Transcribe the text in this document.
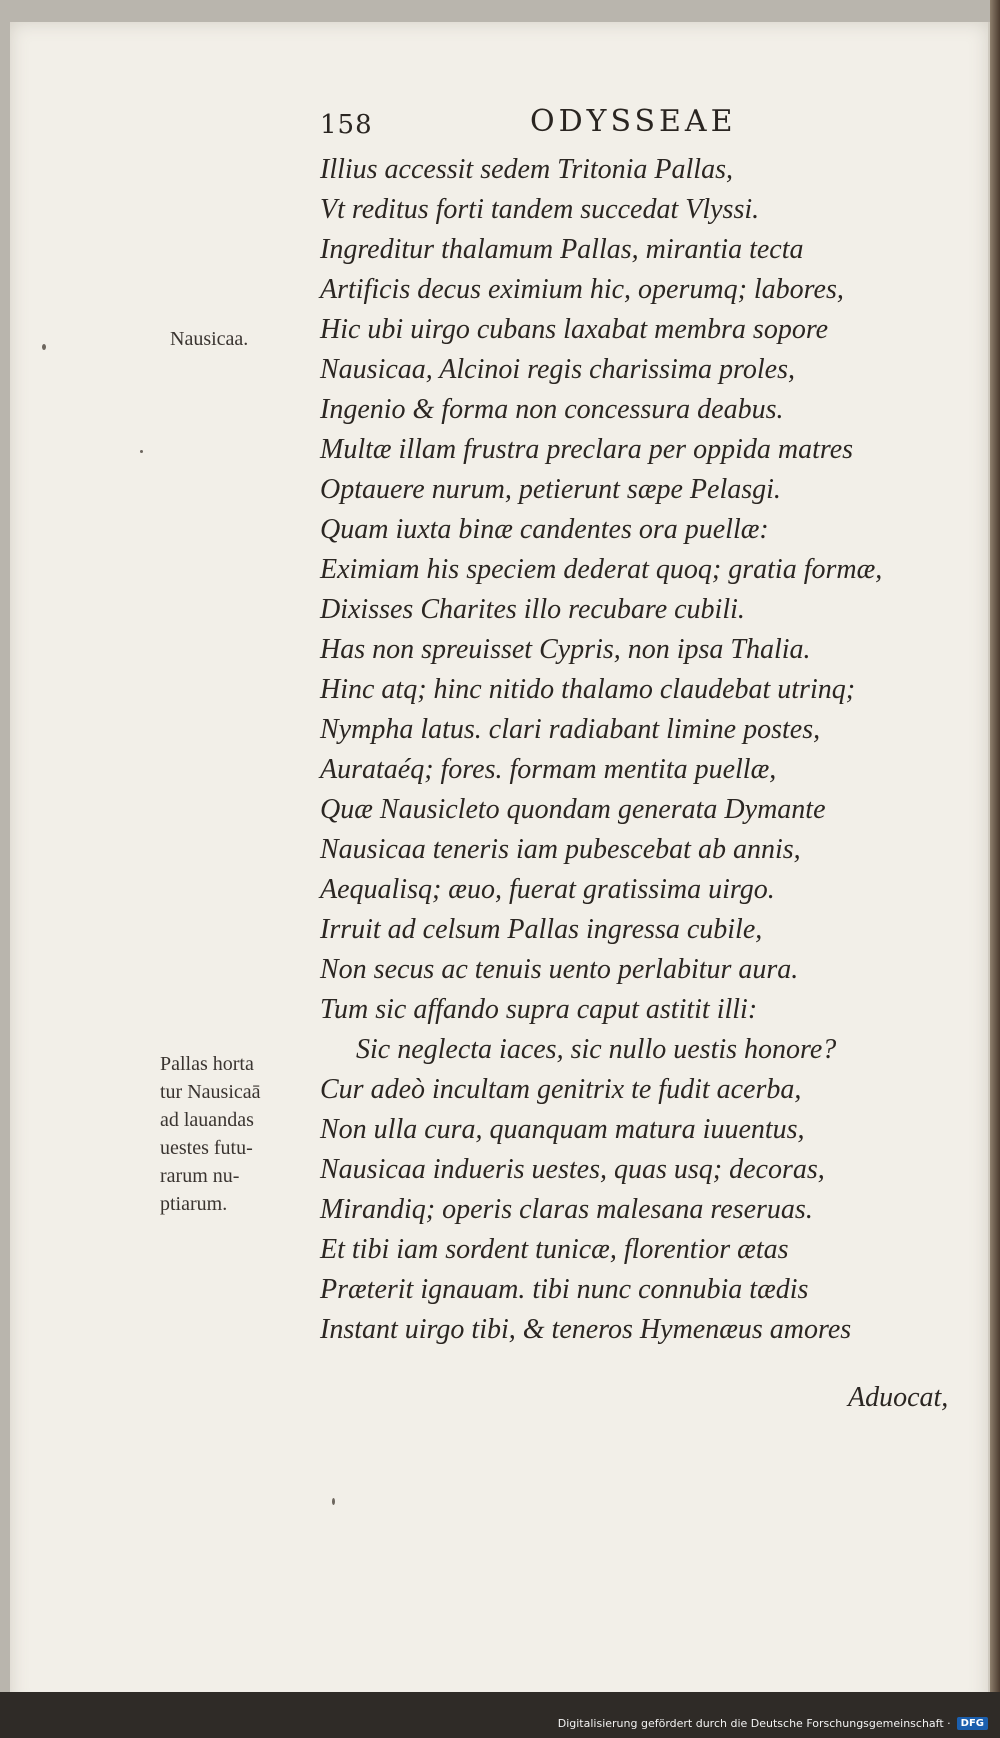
158	ODYSSEAE
Nausicaa.
Pallas horta
tur Nausicaā
ad lauandas
uestes futu-
rarum nu-
ptiarum.
Illius accessit sedem Tritonia Pallas,
Vt reditus forti tandem succedat Vlyssi.
Ingreditur thalamum Pallas, mirantia tecta
Artificis decus eximium hic, operumq; labores,
Hic ubi uirgo cubans laxabat membra sopore
Nausicaa, Alcinoi regis charissima proles,
Ingenio & forma non concessura deabus.
Multæ illam frustra preclara per oppida matres
Optauere nurum, petierunt sæpe Pelasgi.
Quam iuxta binæ candentes ora puellæ:
Eximiam his speciem dederat quoq; gratia formæ,
Dixisses Charites illo recubare cubili.
Has non spreuisset Cypris, non ipsa Thalia.
Hinc atq; hinc nitido thalamo claudebat utrinq;
Nympha latus. clari radiabant limine postes,
Aurataéq; fores. formam mentita puellæ,
Quæ Nausicleto quondam generata Dymante
Nausicaa teneris iam pubescebat ab annis,
Aequalisq; æuo, fuerat gratissima uirgo.
Irruit ad celsum Pallas ingressa cubile,
Non secus ac tenuis uento perlabitur aura.
Tum sic affando supra caput astitit illi:
Sic neglecta iaces, sic nullo uestis honore?
Cur adeò incultam genitrix te fudit acerba,
Non ulla cura, quanquam matura iuuentus,
Nausicaa indueris uestes, quas usq; decoras,
Mirandiq; operis claras malesana reseruas.
Et tibi iam sordent tunicæ, florentior ætas
Præterit ignauam. tibi nunc connubia tædis
Instant uirgo tibi, & teneros Hymenæus amores
Aduocat,
Digitalisierung gefördert durch die Deutsche Forschungsgemeinschaft ·	DFG
